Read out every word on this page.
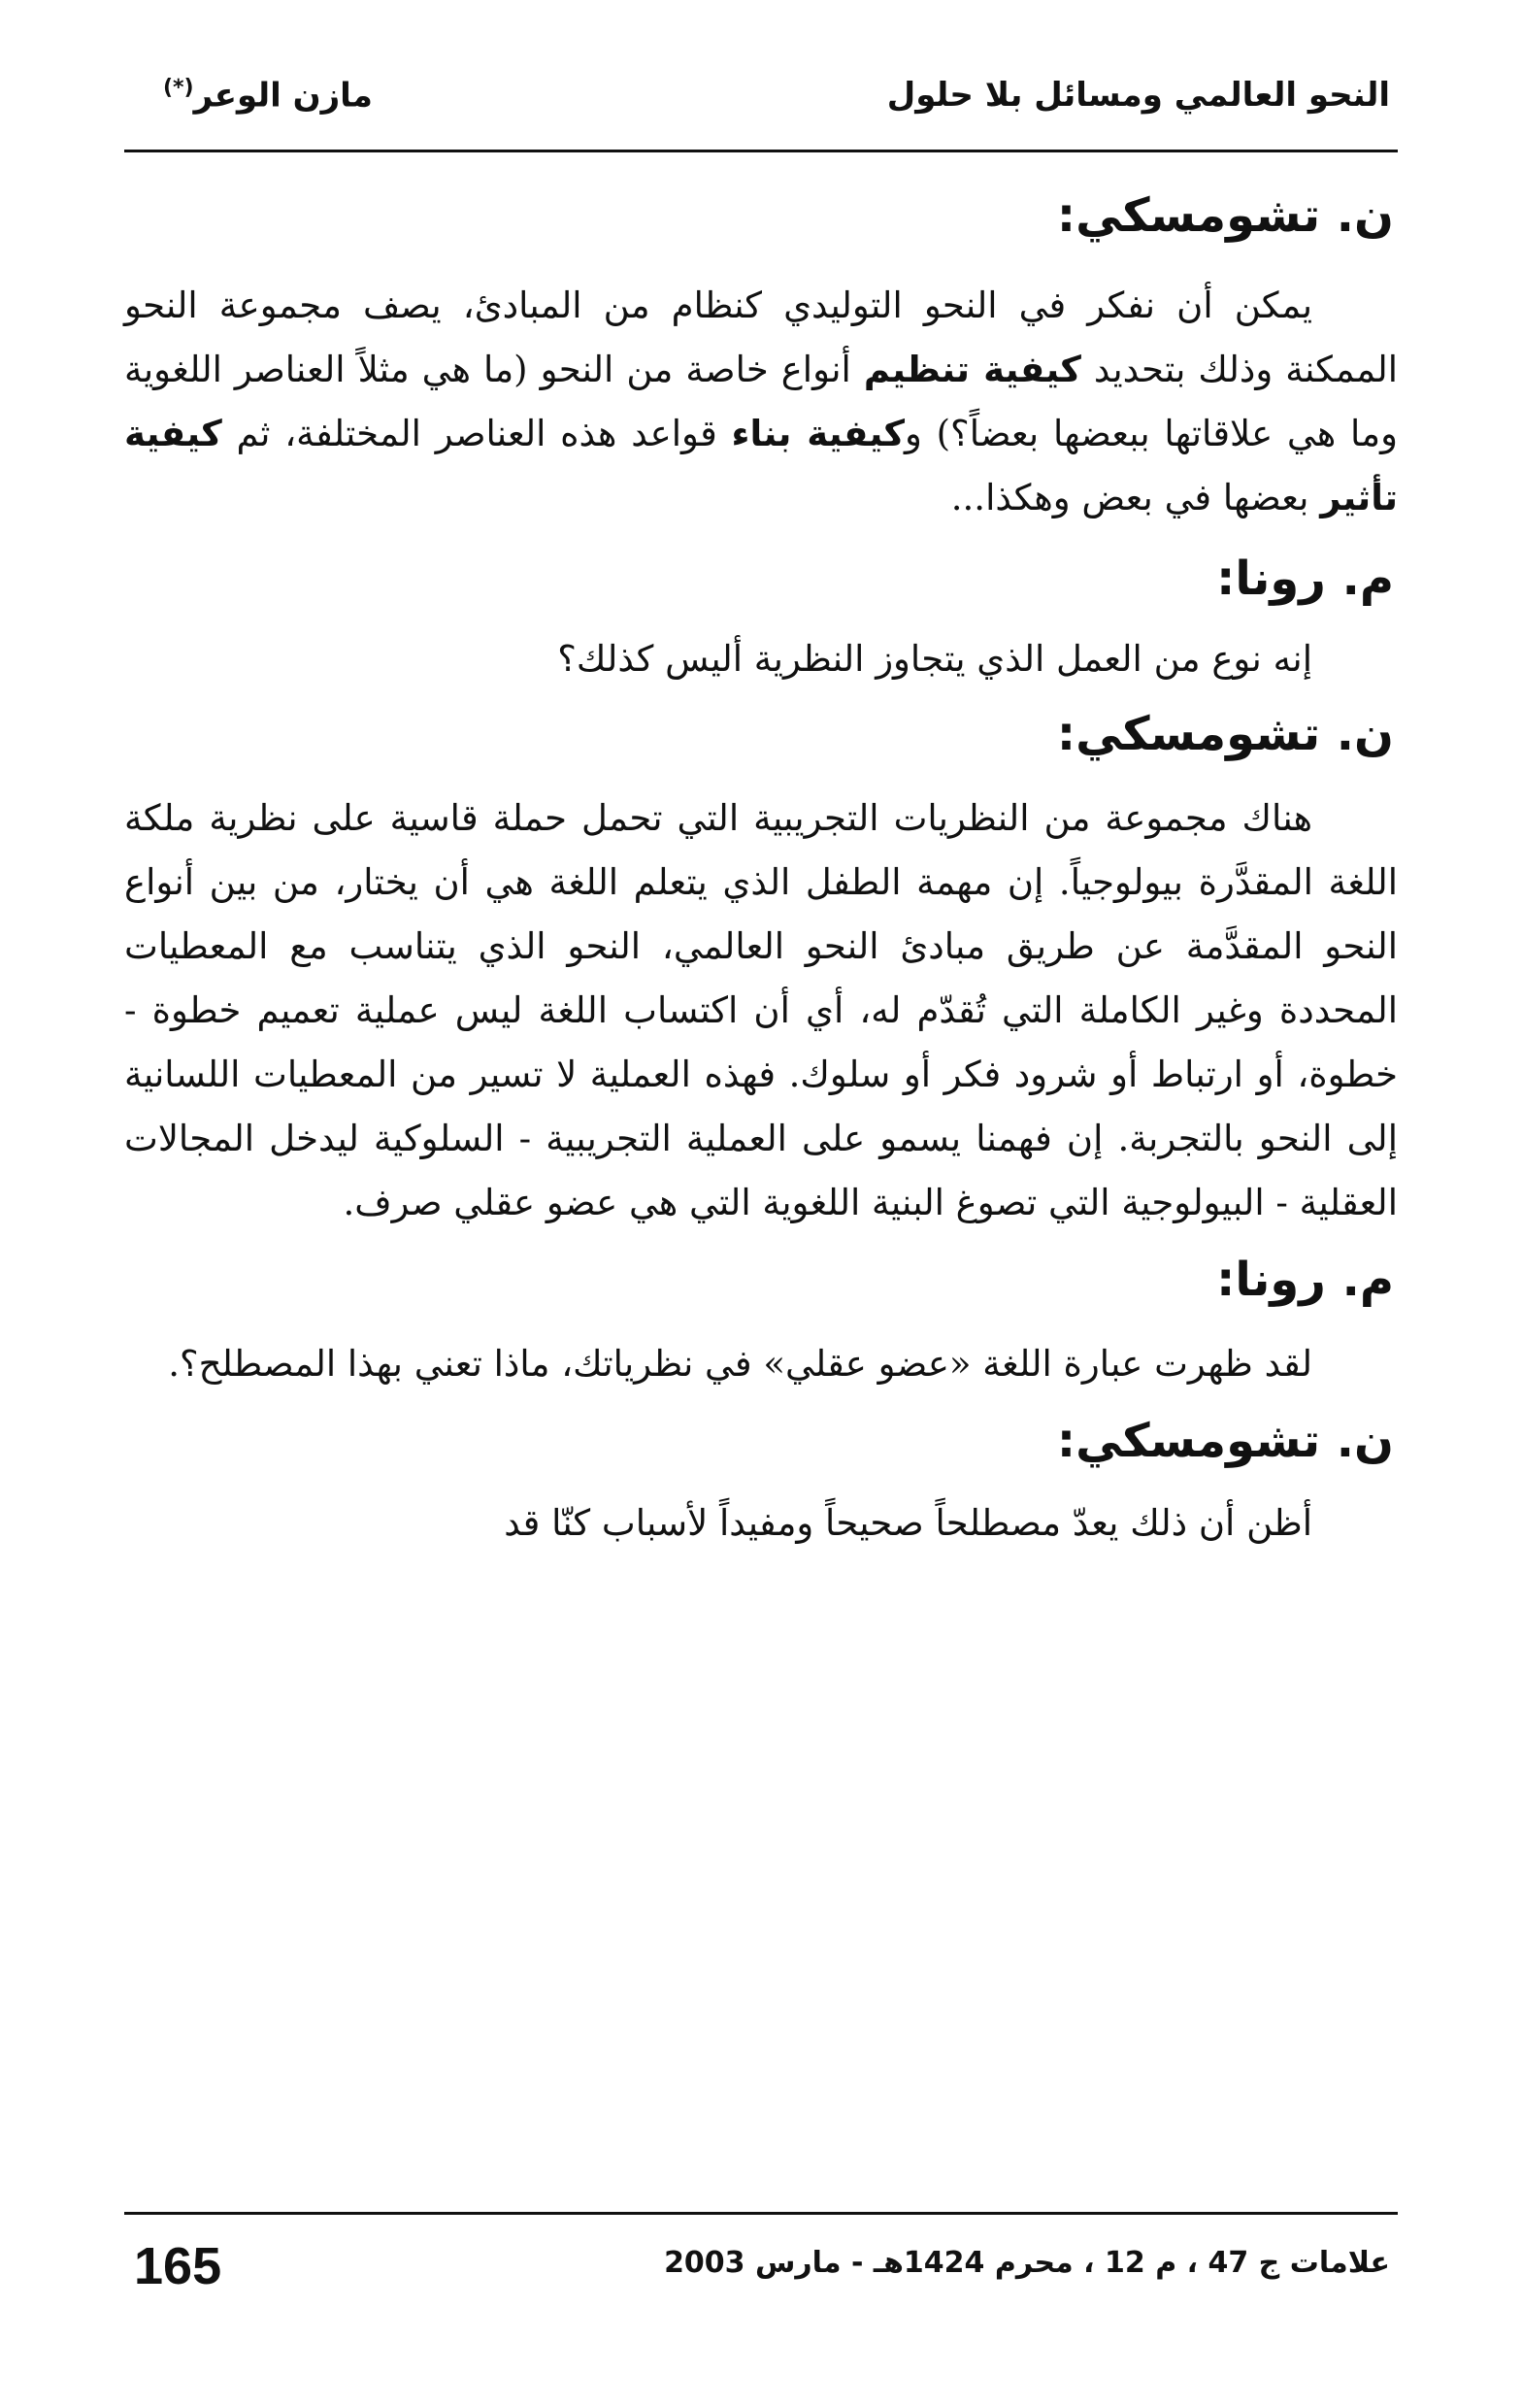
النحو العالمي ومسائل بلا حلول
مازن الوعر(*)
ن. تشومسكي:

يمكن أن نفكر في النحو التوليدي كنظام من المبادئ، يصف مجموعة النحو الممكنة وذلك بتحديد كيفية تنظيم أنواع خاصة من النحو (ما هي مثلاً العناصر اللغوية وما هي علاقاتها ببعضها بعضاً؟) وكيفية بناء قواعد هذه العناصر المختلفة، ثم كيفية تأثير بعضها في بعض وهكذا...

م. رونا:

إنه نوع من العمل الذي يتجاوز النظرية أليس كذلك؟

ن. تشومسكي:

هناك مجموعة من النظريات التجريبية التي تحمل حملة قاسية على نظرية ملكة اللغة المقدَّرة بيولوجياً. إن مهمة الطفل الذي يتعلم اللغة هي أن يختار، من بين أنواع النحو المقدَّمة عن طريق مبادئ النحو العالمي، النحو الذي يتناسب مع المعطيات المحددة وغير الكاملة التي تُقدّم له، أي أن اكتساب اللغة ليس عملية تعميم خطوة - خطوة، أو ارتباط أو شرود فكر أو سلوك. فهذه العملية لا تسير من المعطيات اللسانية إلى النحو بالتجربة. إن فهمنا يسمو على العملية التجريبية - السلوكية ليدخل المجالات العقلية - البيولوجية التي تصوغ البنية اللغوية التي هي عضو عقلي صرف.

م. رونا:

لقد ظهرت عبارة اللغة «عضو عقلي» في نظرياتك، ماذا تعني بهذا المصطلح؟.

ن. تشومسكي:

أظن أن ذلك يعدّ مصطلحاً صحيحاً ومفيداً لأسباب كنّا قد

علامات ج 47 ، م 12 ، محرم 1424هـ - مارس 2003
165
